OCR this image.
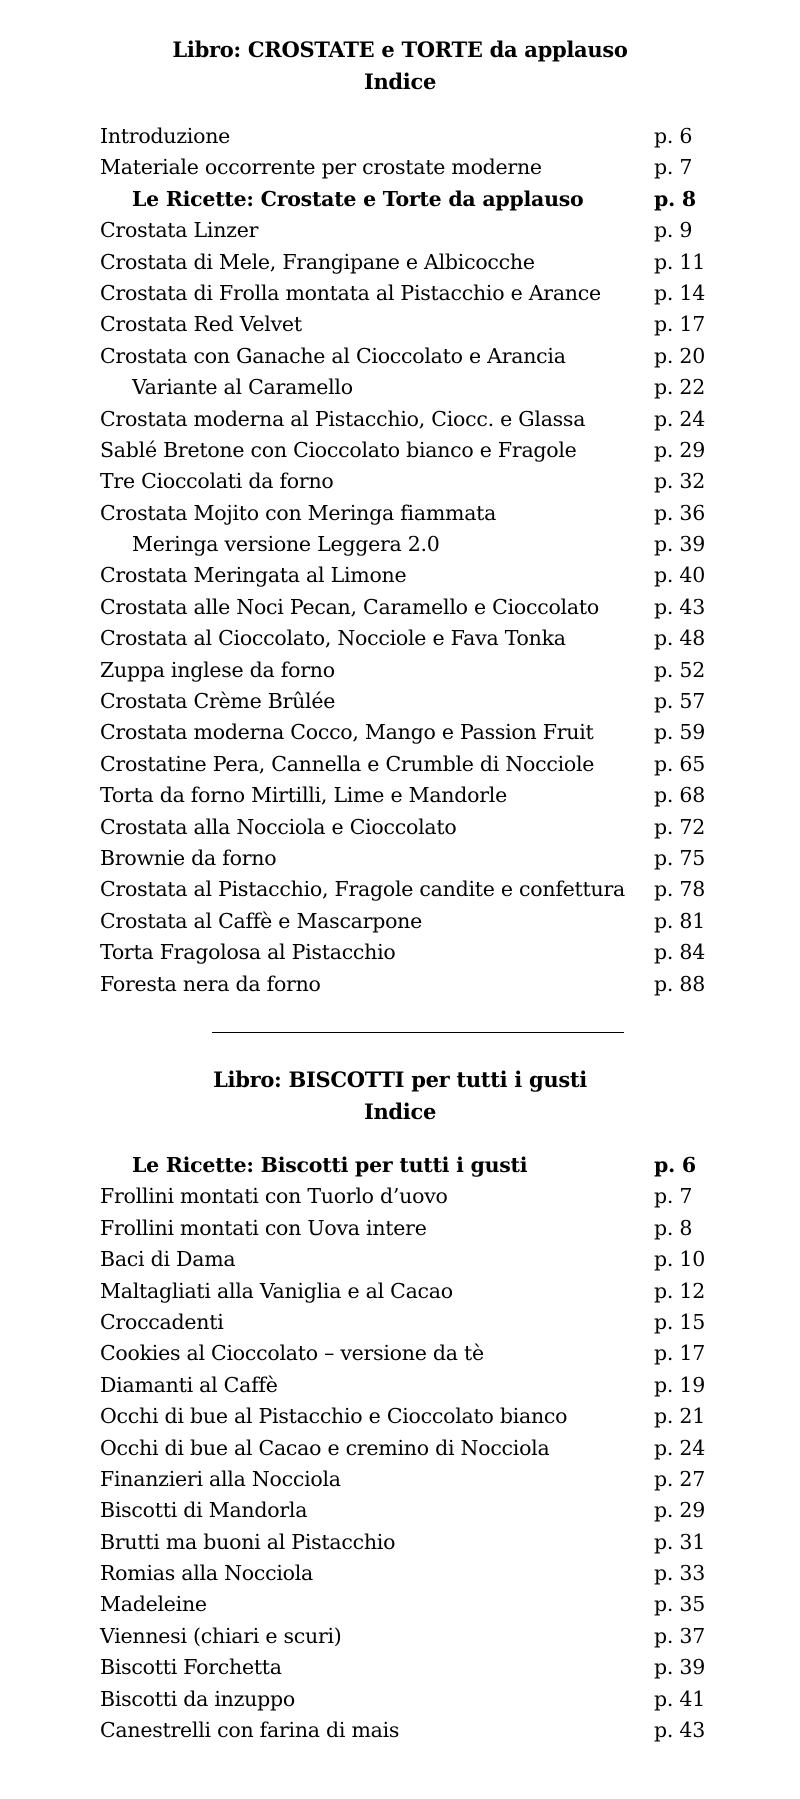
Libro: CROSTATE e TORTE da applauso

Indice

Introduzione	p. 6
Materiale occorrente per crostate moderne	p. 7
Le Ricette: Crostate e Torte da applauso	p. 8
Crostata Linzer	p. 9
Crostata di Mele, Frangipane e Albicocche	p. 11
Crostata di Frolla montata al Pistacchio e Arance	p. 14
Crostata Red Velvet	p. 17
Crostata con Ganache al Cioccolato e Arancia	p. 20
Variante al Caramello	p. 22
Crostata moderna al Pistacchio, Ciocc. e Glassa	p. 24
Sablé Bretone con Cioccolato bianco e Fragole	p. 29
Tre Cioccolati da forno	p. 32
Crostata Mojito con Meringa fiammata	p. 36
Meringa versione Leggera 2.0	p. 39
Crostata Meringata al Limone	p. 40
Crostata alle Noci Pecan, Caramello e Cioccolato	p. 43
Crostata al Cioccolato, Nocciole e Fava Tonka	p. 48
Zuppa inglese da forno	p. 52
Crostata Crème Brûlée	p. 57
Crostata moderna Cocco, Mango e Passion Fruit	p. 59
Crostatine Pera, Cannella e Crumble di Nocciole	p. 65
Torta da forno Mirtilli, Lime e Mandorle	p. 68
Crostata alla Nocciola e Cioccolato	p. 72
Brownie da forno	p. 75
Crostata al Pistacchio, Fragole candite e confettura p. 78
Crostata al Caffè e Mascarpone	p. 81
Torta Fragolosa al Pistacchio	p. 84
Foresta nera da forno	p. 88

Libro: BISCOTTI per tutti i gusti

Indice

Le Ricette: Biscotti per tutti i gusti	p. 6
Frollini montati con Tuorlo d’uovo	p. 7
Frollini montati con Uova intere	p. 8
Baci di Dama	p. 10
Maltagliati alla Vaniglia e al Cacao	p. 12
Croccadenti	p. 15
Cookies al Cioccolato – versione da tè	p. 17
Diamanti al Caffè	p. 19
Occhi di bue al Pistacchio e Cioccolato bianco	p. 21
Occhi di bue al Cacao e cremino di Nocciola	p. 24
Finanzieri alla Nocciola	p. 27
Biscotti di Mandorla	p. 29
Brutti ma buoni al Pistacchio	p. 31
Romias alla Nocciola	p. 33
Madeleine	p. 35
Viennesi (chiari e scuri)	p. 37
Biscotti Forchetta	p. 39
Biscotti da inzuppo	p. 41
Canestrelli con farina di mais	p. 43
